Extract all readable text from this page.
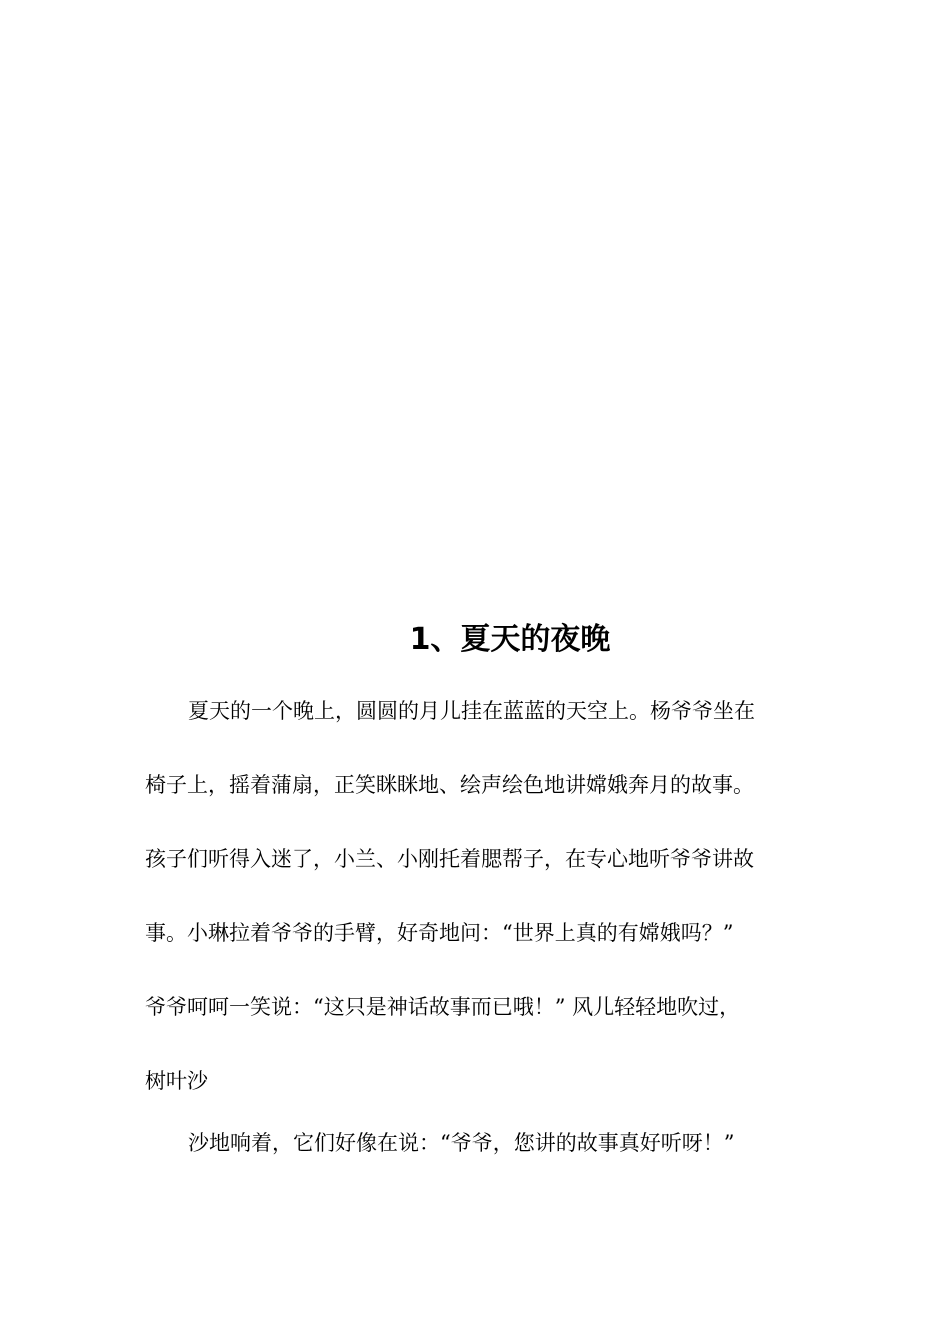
1、夏天的夜晚
夏天的一个晚上，圆圆的月儿挂在蓝蓝的天空上。杨爷爷坐在
椅子上，摇着蒲扇，正笑眯眯地、绘声绘色地讲嫦娥奔月的故事。
孩子们听得入迷了，小兰、小刚托着腮帮子，在专心地听爷爷讲故
事。小琳拉着爷爷的手臂，好奇地问：“世界上真的有嫦娥吗？”
爷爷呵呵一笑说：“这只是神话故事而已哦！” 风儿轻轻地吹过，
树叶沙
沙地响着，它们好像在说：“爷爷，您讲的故事真好听呀！”
